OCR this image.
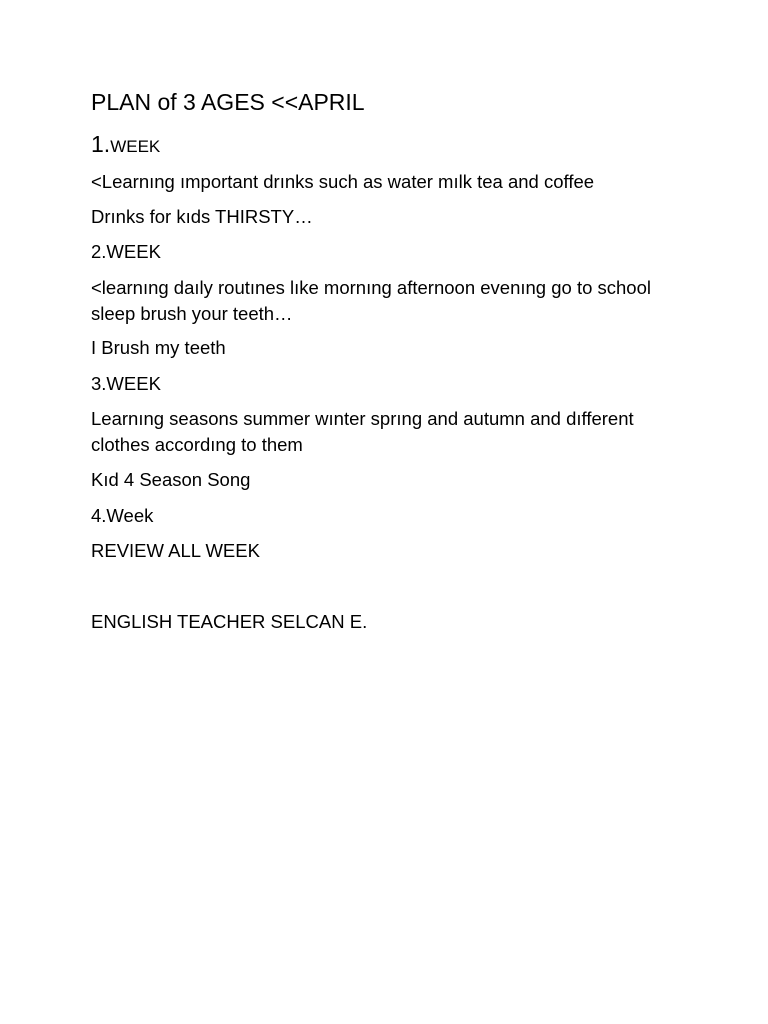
PLAN of 3 AGES <<APRIL

1.WEEK

<Learnıng ımportant drınks such as water mılk tea and coffee

Drınks for kıds THIRSTY…

2.WEEK

<learnıng daıly routınes lıke mornıng afternoon evenıng go to school sleep brush your teeth…

I Brush my teeth

3.WEEK

Learnıng seasons summer wınter sprıng and autumn and dıfferent clothes accordıng to them

Kıd 4 Season Song

4.Week

REVIEW ALL WEEK

ENGLISH TEACHER SELCAN E.
